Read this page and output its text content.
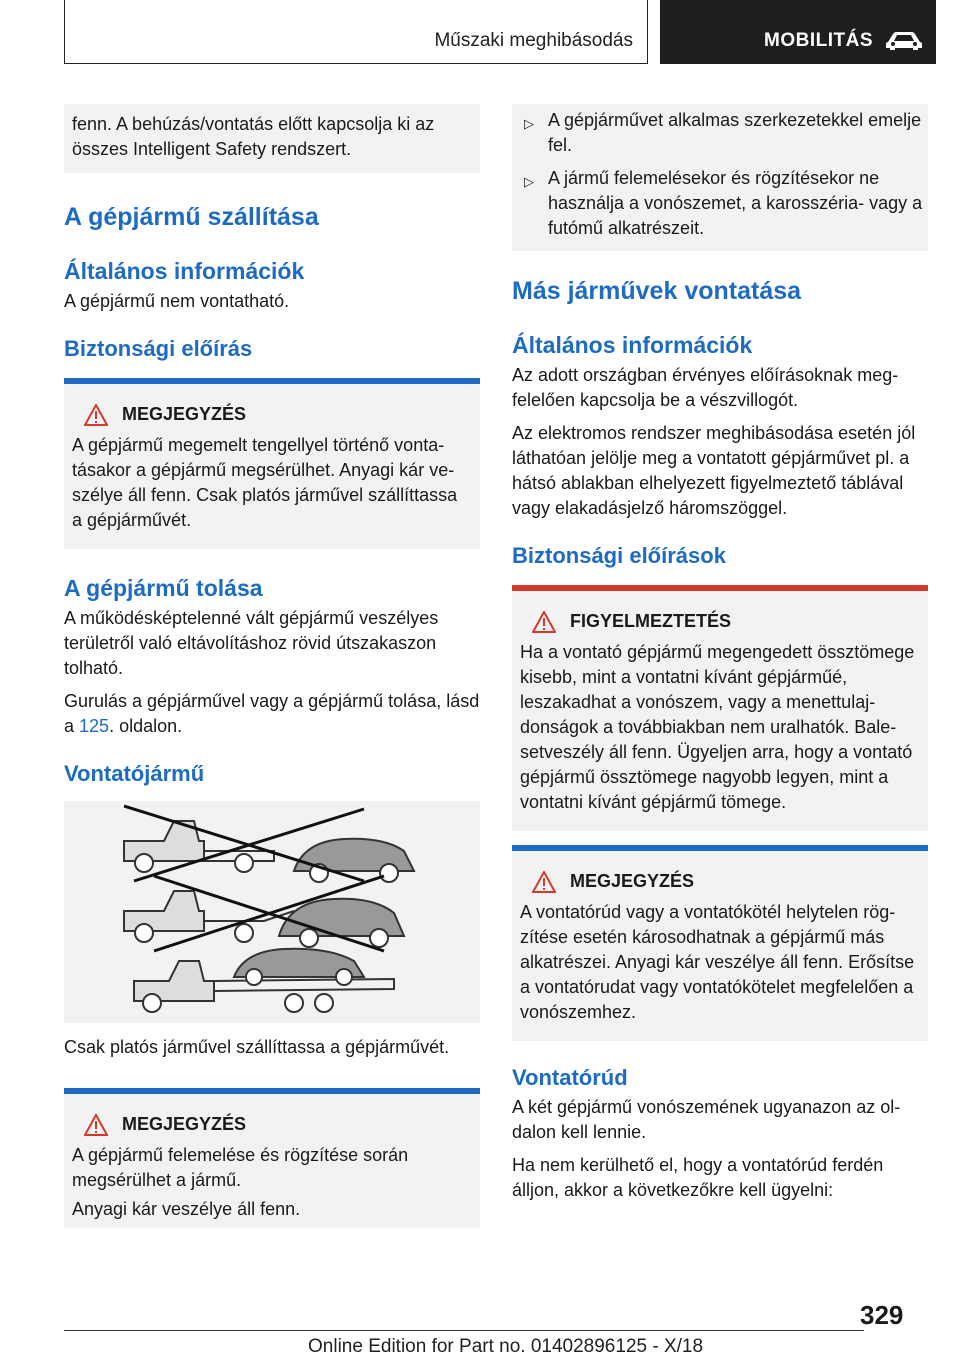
Műszaki meghibásodás	MOBILITÁS
fenn. A behúzás/vontatás előtt kapcsolja ki az összes Intelligent Safety rendszert.
A gépjármű szállítása
Általános információk

A gépjármű nem vontatható.

Biztonsági előírás
MEGJEGYZÉS

A gépjármű megemelt tengellyel történő vontatásakor a gépjármű megsérülhet. Anyagi kár veszélye áll fenn. Csak platós járművel szállíttassa a gépjárművét.

A gépjármű tolása

A működésképtelenné vált gépjármű veszélyes területről való eltávolításhoz rövid útszakaszon tolható.

Gurulás a gépjárművel vagy a gépjármű tolása, lásd a 125. oldalon.

Vontatójármű

Csak platós járművel szállíttassa a gépjárművét.

MEGJEGYZÉS

A gépjármű felemelése és rögzítése során megsérülhet a jármű.

Anyagi kár veszélye áll fenn.

▷ A gépjárművet alkalmas szerkezetekkel emelje fel.
▷ A jármű felemelésekor és rögzítésekor ne használja a vonószemet, a karosszéria- vagy a futómű alkatrészeit.
Más járművek vontatása
Általános információk

Az adott országban érvényes előírásoknak megfelelően kapcsolja be a vészvillogót.

Az elektromos rendszer meghibásodása esetén jól láthatóan jelölje meg a vontatott gépjárművet pl. a hátsó ablakban elhelyezett figyelmeztető táblával vagy elakadásjelző háromszöggel.

Biztonsági előírások
FIGYELMEZTETÉS

Ha a vontató gépjármű megengedett össztömege kisebb, mint a vontatni kívánt gépjárműé, leszakadhat a vonószem, vagy a menettulajdonságok a továbbiakban nem uralhatók. Balesetveszély áll fenn. Ügyeljen arra, hogy a vontató gépjármű össztömege nagyobb legyen, mint a vontatni kívánt gépjármű tömege.

MEGJEGYZÉS

A vontatórúd vagy a vontatókötél helytelen rögzítése esetén károsodhatnak a gépjármű más alkatrészei. Anyagi kár veszélye áll fenn. Erősítse a vontatórudat vagy vontatókötelet megfelelően a vonószemhez.

Vontatórúd

A két gépjármű vonószemének ugyanazon az oldalon kell lennie.

Ha nem kerülhető el, hogy a vontatórúd ferdén álljon, akkor a következőkre kell ügyelni:

329
Online Edition for Part no. 01402896125 - X/18
